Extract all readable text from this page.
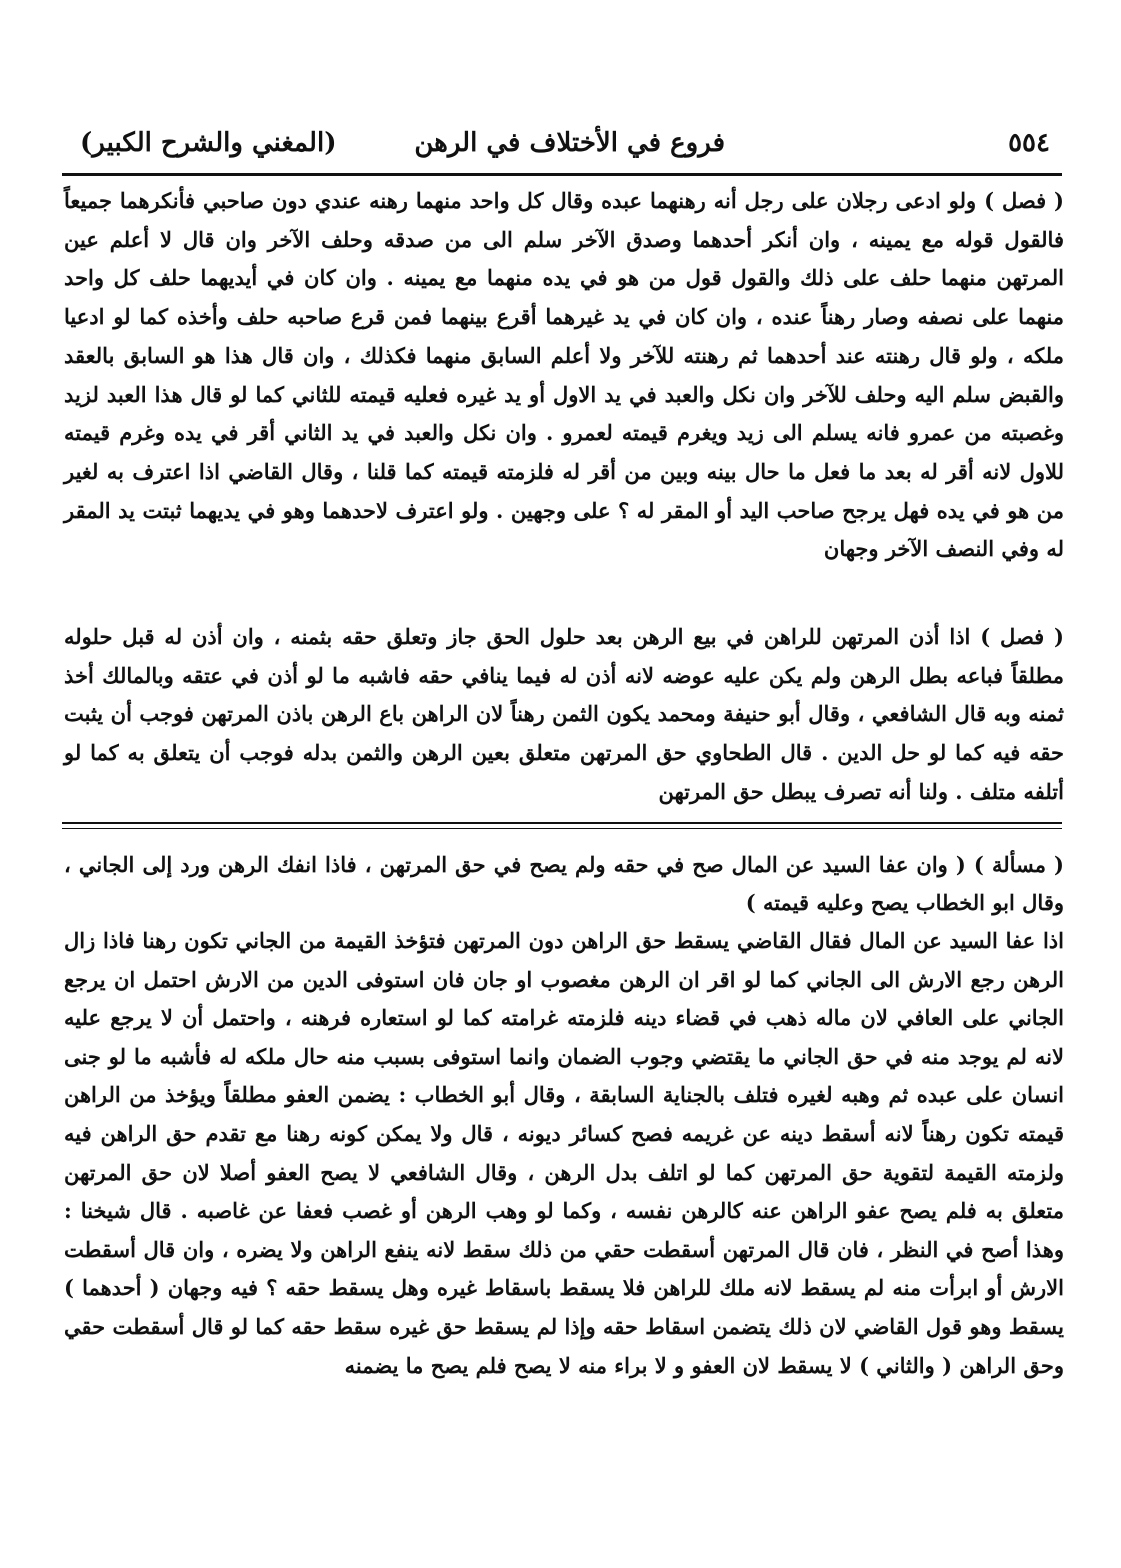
٥٥٤
فروع في الأختلاف في الرهن
(المغني والشرح الكبير)

( فصل ) ولو ادعى رجلان على رجل أنه رهنهما عبده وقال كل واحد منهما رهنه عندي دون صاحبي فأنكرهما جميعاً فالقول قوله مع يمينه ، وان أنكر أحدهما وصدق الآخر سلم الى من صدقه وحلف الآخر وان قال لا أعلم عين المرتهن منهما حلف على ذلك والقول قول من هو في يده منهما مع يمينه . وان كان في أيديهما حلف كل واحد منهما على نصفه وصار رهناً عنده ، وان كان في يد غيرهما أقرع بينهما فمن قرع صاحبه حلف وأخذه كما لو ادعيا ملكه ، ولو قال رهنته عند أحدهما ثم رهنته للآخر ولا أعلم السابق منهما فكذلك ، وان قال هذا هو السابق بالعقد والقبض سلم اليه وحلف للآخر وان نكل والعبد في يد الاول أو يد غيره فعليه قيمته للثاني كما لو قال هذا العبد لزيد وغصبته من عمرو فانه يسلم الى زيد ويغرم قيمته لعمرو . وان نكل والعبد في يد الثاني أقر في يده وغرم قيمته للاول لانه أقر له بعد ما فعل ما حال بينه وبين من أقر له فلزمته قيمته كما قلنا ، وقال القاضي اذا اعترف به لغير من هو في يده فهل يرجح صاحب اليد أو المقر له ؟ على وجهين . ولو اعترف لاحدهما وهو في يديهما ثبتت يد المقر له وفي النصف الآخر وجهان

( فصل ) اذا أذن المرتهن للراهن في بيع الرهن بعد حلول الحق جاز وتعلق حقه بثمنه ، وان أذن له قبل حلوله مطلقاً فباعه بطل الرهن ولم يكن عليه عوضه لانه أذن له فيما ينافي حقه فاشبه ما لو أذن في عتقه وبالمالك أخذ ثمنه وبه قال الشافعي ، وقال أبو حنيفة ومحمد يكون الثمن رهناً لان الراهن باع الرهن باذن المرتهن فوجب أن يثبت حقه فيه كما لو حل الدين . قال الطحاوي حق المرتهن متعلق بعين الرهن والثمن بدله فوجب أن يتعلق به كما لو أتلفه متلف . ولنا أنه تصرف يبطل حق المرتهن

( مسألة ) ( وان عفا السيد عن المال صح في حقه ولم يصح في حق المرتهن ، فاذا انفك الرهن ورد إلى الجاني ، وقال ابو الخطاب يصح وعليه قيمته )

اذا عفا السيد عن المال فقال القاضي يسقط حق الراهن دون المرتهن فتؤخذ القيمة من الجاني تكون رهنا فاذا زال الرهن رجع الارش الى الجاني كما لو اقر ان الرهن مغصوب او جان فان استوفى الدين من الارش احتمل ان يرجع الجاني على العافي لان ماله ذهب في قضاء دينه فلزمته غرامته كما لو استعاره فرهنه ، واحتمل أن لا يرجع عليه لانه لم يوجد منه في حق الجاني ما يقتضي وجوب الضمان وانما استوفى بسبب منه حال ملكه له فأشبه ما لو جنى انسان على عبده ثم وهبه لغيره فتلف بالجناية السابقة ، وقال أبو الخطاب : يضمن العفو مطلقاً ويؤخذ من الراهن قيمته تكون رهناً لانه أسقط دينه عن غريمه فصح كسائر ديونه ، قال ولا يمكن كونه رهنا مع تقدم حق الراهن فيه ولزمته القيمة لتقوية حق المرتهن كما لو اتلف بدل الرهن ، وقال الشافعي لا يصح العفو أصلا لان حق المرتهن متعلق به فلم يصح عفو الراهن عنه كالرهن نفسه ، وكما لو وهب الرهن أو غصب فعفا عن غاصبه . قال شيخنا : وهذا أصح في النظر ، فان قال المرتهن أسقطت حقي من ذلك سقط لانه ينفع الراهن ولا يضره ، وان قال أسقطت الارش أو ابرأت منه لم يسقط لانه ملك للراهن فلا يسقط باسقاط غيره وهل يسقط حقه ؟ فيه وجهان ( أحدهما ) يسقط وهو قول القاضي لان ذلك يتضمن اسقاط حقه وإذا لم يسقط حق غيره سقط حقه كما لو قال أسقطت حقي وحق الراهن ( والثاني ) لا يسقط لان العفو و لا براء منه لا يصح فلم يصح ما يضمنه
